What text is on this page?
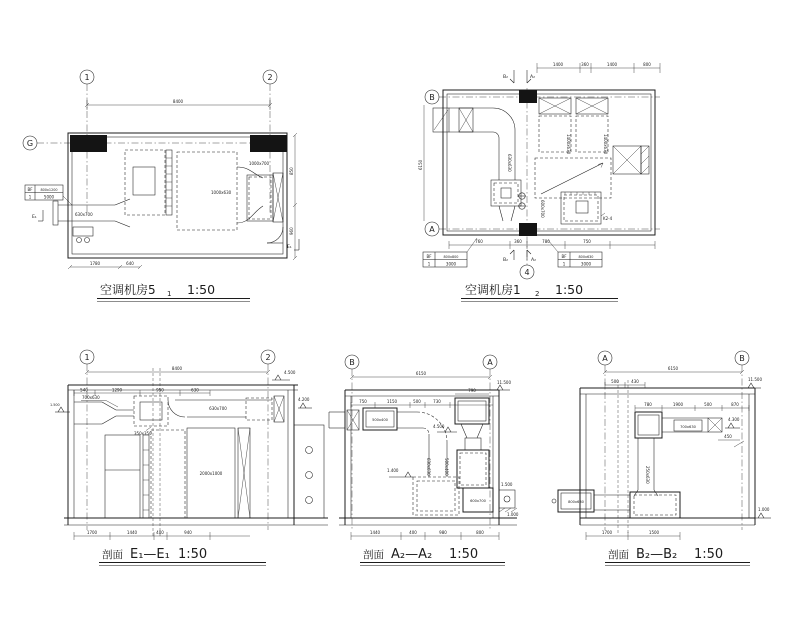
1	2
G
8400
1000x630
1000x700
630x700
BF 800x1200
1	5000
E₁
E₁
850
960
1780	640
空调机房5 1 1:50
B
A
4
B₂	A₂
1400	360	1400	800
6150	630x630
1400x630	1400x630
600x700
K2-4
760	360	780	750
B₂	A₂
BF	800x800
1	3000
BF	800x630
1	3000
空调机房1 2 1:50
1	2
8400
4.500
540	1290	950	630
1.500
700x630
350x350
630x700
4.200
2000x1000
1700	1440	400	940
剖面 E₁—E₁ 1:50
B	A
6150
11.500
750	1150	500	730
500x400
630x630	500x400
1.400
790
4.500
600x700
1.500
1.000
1440	400	980	800
剖面 A₂—A₂ 1:50
A	B
6150
500	430	11.500
780	1900	500	870
700x630
4.300
450
250x630
800x630
1.000
1700	1500
剖面 B₂—B₂ 1:50
